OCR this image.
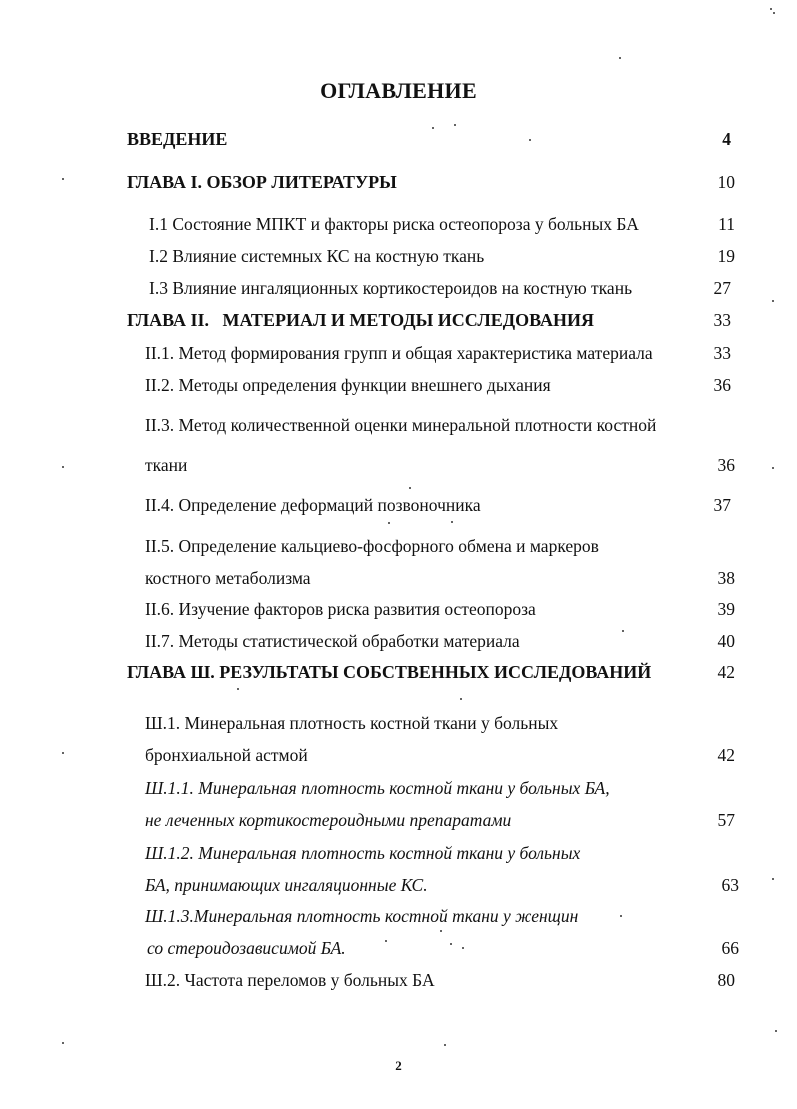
ОГЛАВЛЕНИЕ
ВВЕДЕНИЕ	4
ГЛАВА I. ОБЗОР ЛИТЕРАТУРЫ	10
I.1 Состояние МПКТ и факторы риска остеопороза у больных БА	11
I.2 Влияние системных КС на костную ткань	19
I.3 Влияние ингаляционных кортикостероидов на костную ткань	27
ГЛАВА II.   МАТЕРИАЛ И МЕТОДЫ ИССЛЕДОВАНИЯ	33
II.1. Метод формирования групп и общая характеристика материала	33
II.2. Методы определения функции внешнего дыхания	36
II.3. Метод количественной оценки минеральной плотности костной
ткани	36
II.4. Определение деформаций позвоночника	37
II.5. Определение кальциево-фосфорного обмена и маркеров
костного метаболизма	38
II.6. Изучение факторов риска развития остеопороза	39
II.7. Методы статистической обработки материала	40
ГЛАВА Ш. РЕЗУЛЬТАТЫ СОБСТВЕННЫХ ИССЛЕДОВАНИЙ	42
Ш.1. Минеральная плотность костной ткани у больных
бронхиальной астмой	42
Ш.1.1. Минеральная плотность костной ткани у больных БА,
не леченных кортикостероидными препаратами	57
Ш.1.2. Минеральная плотность костной ткани у больных
БА, принимающих ингаляционные КС.	63
Ш.1.3.Минеральная плотность костной ткани у женщин
со стероидозависимой БА.	66
Ш.2. Частота переломов у больных БА	80
2
